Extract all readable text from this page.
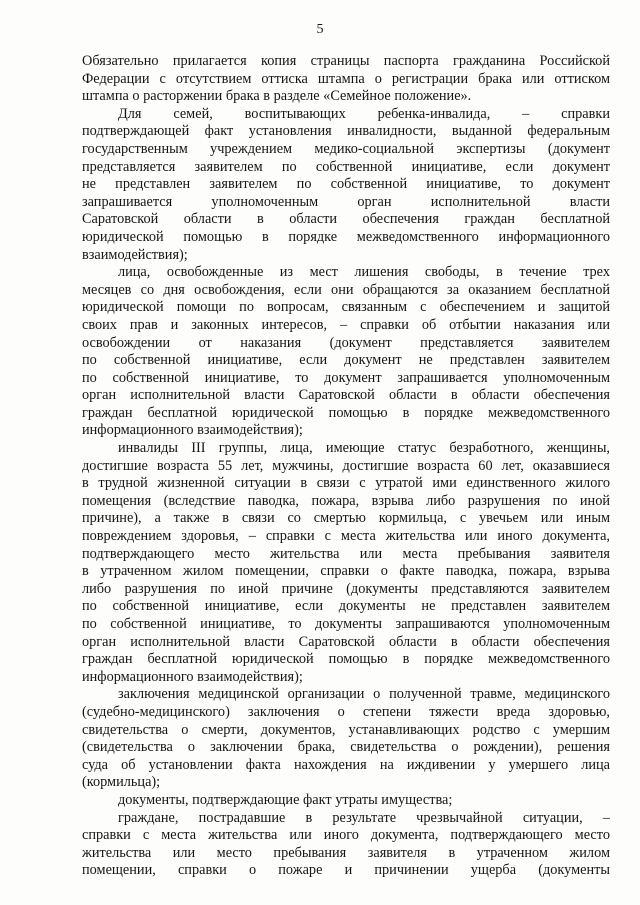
5
Обязательно прилагается копия страницы паспорта гражданина Российской
Федерации с отсутствием оттиска штампа о регистрации брака или оттиском
штампа о расторжении брака в разделе «Семейное положение».
Для семей, воспитывающих ребенка-инвалида, – справки
подтверждающей факт установления инвалидности, выданной федеральным
государственным учреждением медико-социальной экспертизы (документ
представляется заявителем по собственной инициативе, если документ
не представлен заявителем по собственной инициативе, то документ
запрашивается уполномоченным орган исполнительной власти
Саратовской области в области обеспечения граждан бесплатной
юридической помощью в порядке межведомственного информационного
взаимодействия);
лица, освобожденные из мест лишения свободы, в течение трех
месяцев со дня освобождения, если они обращаются за оказанием бесплатной
юридической помощи по вопросам, связанным с обеспечением и защитой
своих прав и законных интересов, – справки об отбытии наказания или
освобождении от наказания (документ представляется заявителем
по собственной инициативе, если документ не представлен заявителем
по собственной инициативе, то документ запрашивается уполномоченным
орган исполнительной власти Саратовской области в области обеспечения
граждан бесплатной юридической помощью в порядке межведомственного
информационного взаимодействия);
инвалиды III группы, лица, имеющие статус безработного, женщины,
достигшие возраста 55 лет, мужчины, достигшие возраста 60 лет, оказавшиеся
в трудной жизненной ситуации в связи с утратой ими единственного жилого
помещения (вследствие паводка, пожара, взрыва либо разрушения по иной
причине), а также в связи со смертью кормильца, с увечьем или иным
повреждением здоровья, – справки с места жительства или иного документа,
подтверждающего место жительства или места пребывания заявителя
в утраченном жилом помещении, справки о факте паводка, пожара, взрыва
либо разрушения по иной причине (документы представляются заявителем
по собственной инициативе, если документы не представлен заявителем
по собственной инициативе, то документы запрашиваются уполномоченным
орган исполнительной власти Саратовской области в области обеспечения
граждан бесплатной юридической помощью в порядке межведомственного
информационного взаимодействия);
заключения медицинской организации о полученной травме, медицинского
(судебно-медицинского) заключения о степени тяжести вреда здоровью,
свидетельства о смерти, документов, устанавливающих родство с умершим
(свидетельства о заключении брака, свидетельства о рождении), решения
суда об установлении факта нахождения на иждивении у умершего лица
(кормильца);
документы, подтверждающие факт утраты имущества;
граждане, пострадавшие в результате чрезвычайной ситуации, –
справки с места жительства или иного документа, подтверждающего место
жительства или место пребывания заявителя в утраченном жилом
помещении, справки о пожаре и причинении ущерба (документы
